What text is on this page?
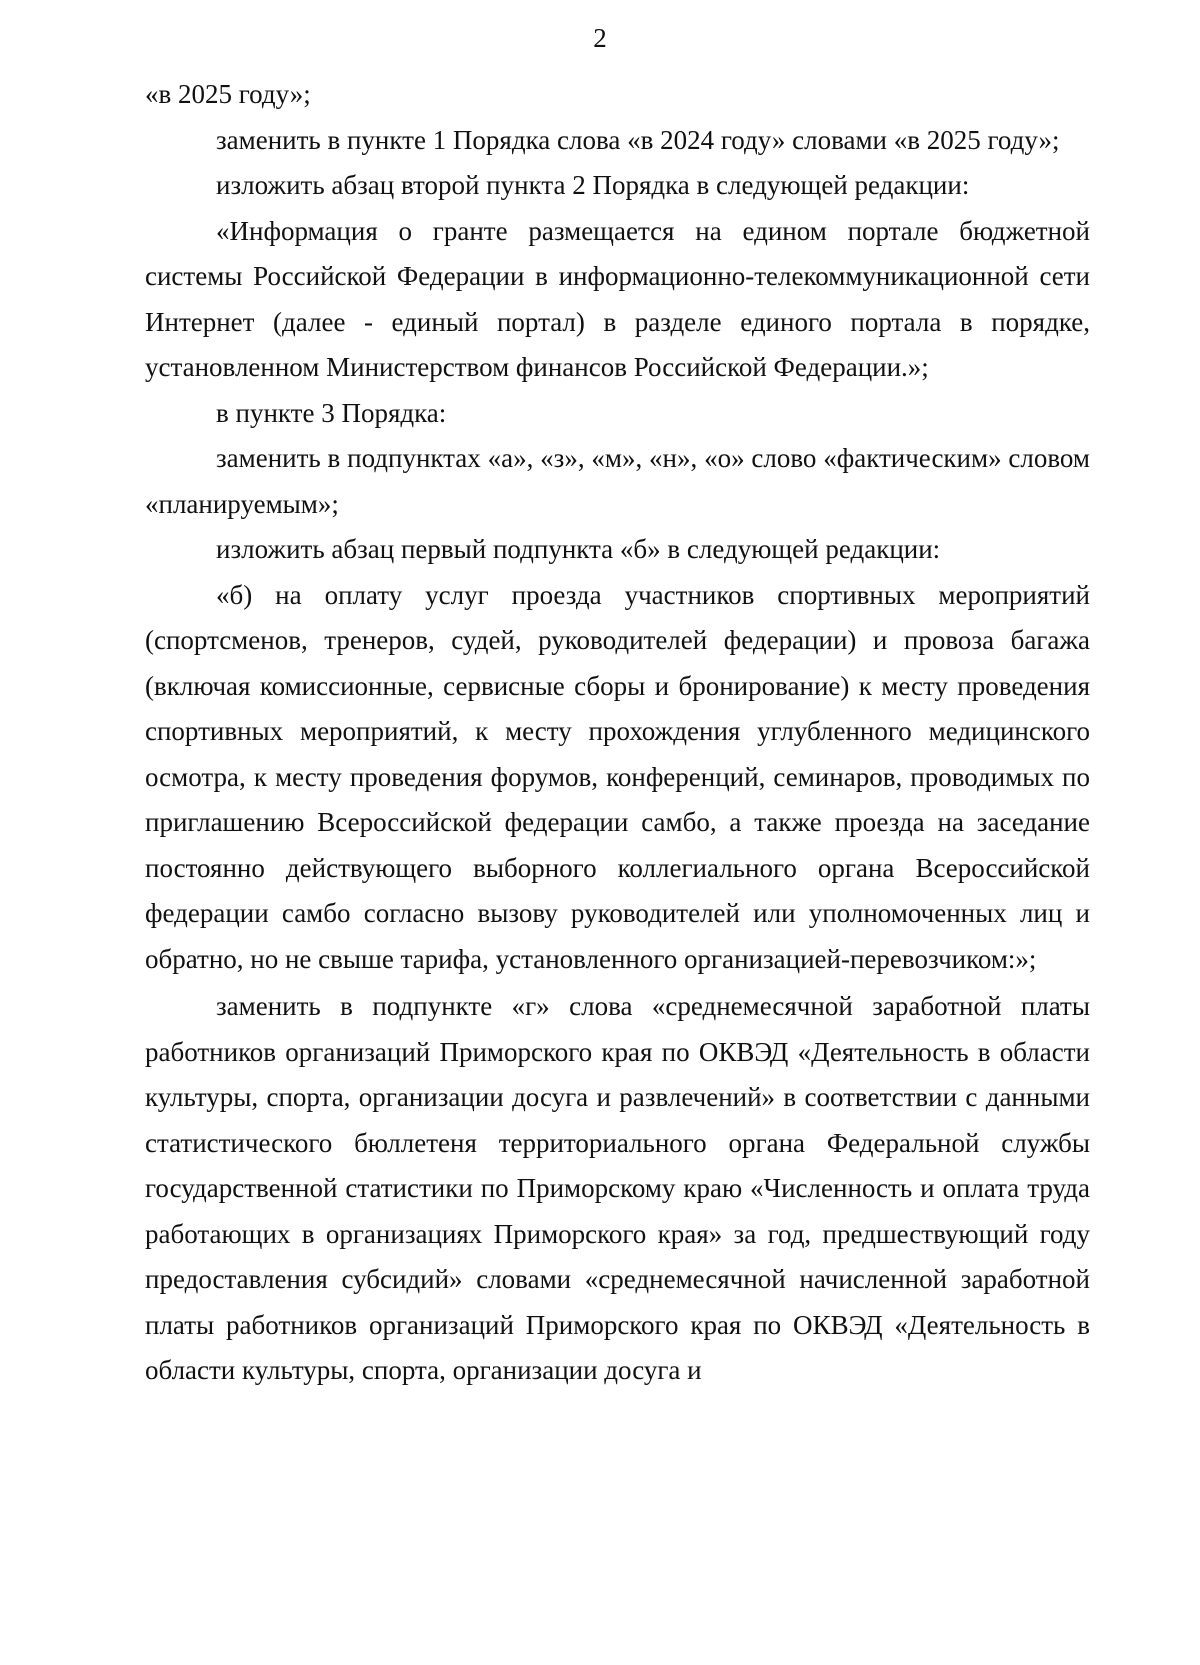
2

«в 2025 году»;

заменить в пункте 1 Порядка слова «в 2024 году» словами «в 2025 году»;

изложить абзац второй пункта 2 Порядка в следующей редакции:

«Информация о гранте размещается на едином портале бюджетной системы Российской Федерации в информационно-телекоммуникационной сети Интернет (далее - единый портал) в разделе единого портала в порядке, установленном Министерством финансов Российской Федерации.»;

в пункте 3 Порядка:

заменить в подпунктах «а», «з», «м», «н», «о» слово «фактическим» словом «планируемым»;

изложить абзац первый подпункта «б» в следующей редакции:

«б) на оплату услуг проезда участников спортивных мероприятий (спортсменов, тренеров, судей, руководителей федерации) и провоза багажа (включая комиссионные, сервисные сборы и бронирование) к месту проведения спортивных мероприятий, к месту прохождения углубленного медицинского осмотра, к месту проведения форумов, конференций, семинаров, проводимых по приглашению Всероссийской федерации самбо, а также проезда на заседание постоянно действующего выборного коллегиального органа Всероссийской федерации самбо согласно вызову руководителей или уполномоченных лиц и обратно, но не свыше тарифа, установленного организацией-перевозчиком:»;

заменить в подпункте «г» слова «среднемесячной заработной платы работников организаций Приморского края по ОКВЭД «Деятельность в области культуры, спорта, организации досуга и развлечений» в соответствии с данными статистического бюллетеня территориального органа Федеральной службы государственной статистики по Приморскому краю «Численность и оплата труда работающих в организациях Приморского края» за год, предшествующий году предоставления субсидий» словами «среднемесячной начисленной заработной платы работников организаций Приморского края по ОКВЭД «Деятельность в области культуры, спорта, организации досуга и
